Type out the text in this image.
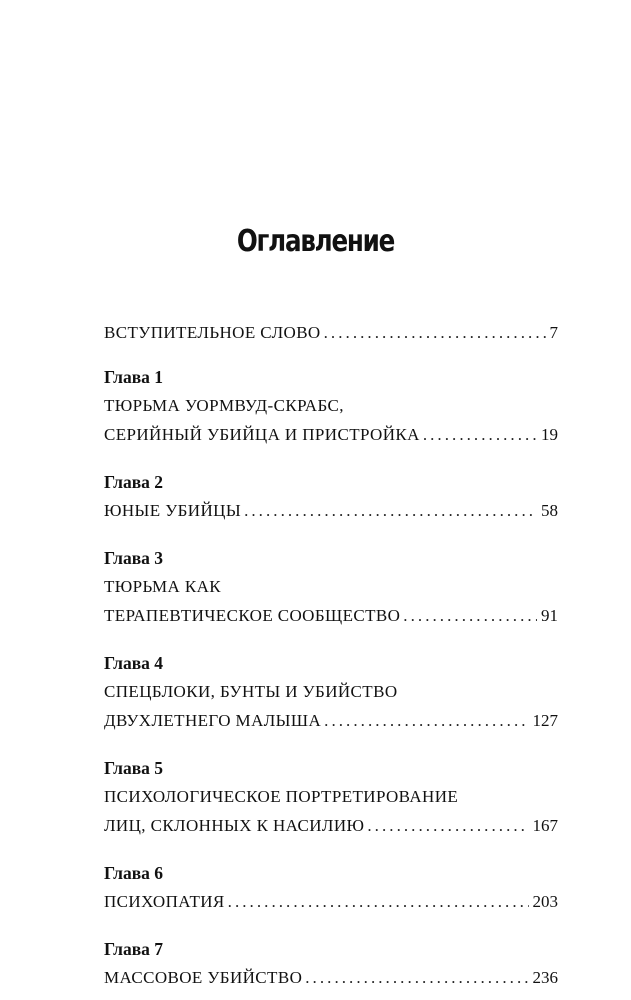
Оглавление
ВСТУПИТЕЛЬНОЕ СЛОВО . . .	7
Глава 1
ТЮРЬМА УОРМВУД-СКРАБС,
СЕРИЙНЫЙ УБИЙЦА И ПРИСТРОЙКА . . .	19
Глава 2
ЮНЫЕ УБИЙЦЫ . . .	58
Глава 3
ТЮРЬМА КАК
ТЕРАПЕВТИЧЕСКОЕ СООБЩЕСТВО . . .	91
Глава 4
СПЕЦБЛОКИ, БУНТЫ И УБИЙСТВО
ДВУХЛЕТНЕГО МАЛЫША . . .	127
Глава 5
ПСИХОЛОГИЧЕСКОЕ ПОРТРЕТИРОВАНИЕ
ЛИЦ, СКЛОННЫХ К НАСИЛИЮ . . .	167
Глава 6
ПСИХОПАТИЯ . . .	203
Глава 7
МАССОВОЕ УБИЙСТВО . . .	236
